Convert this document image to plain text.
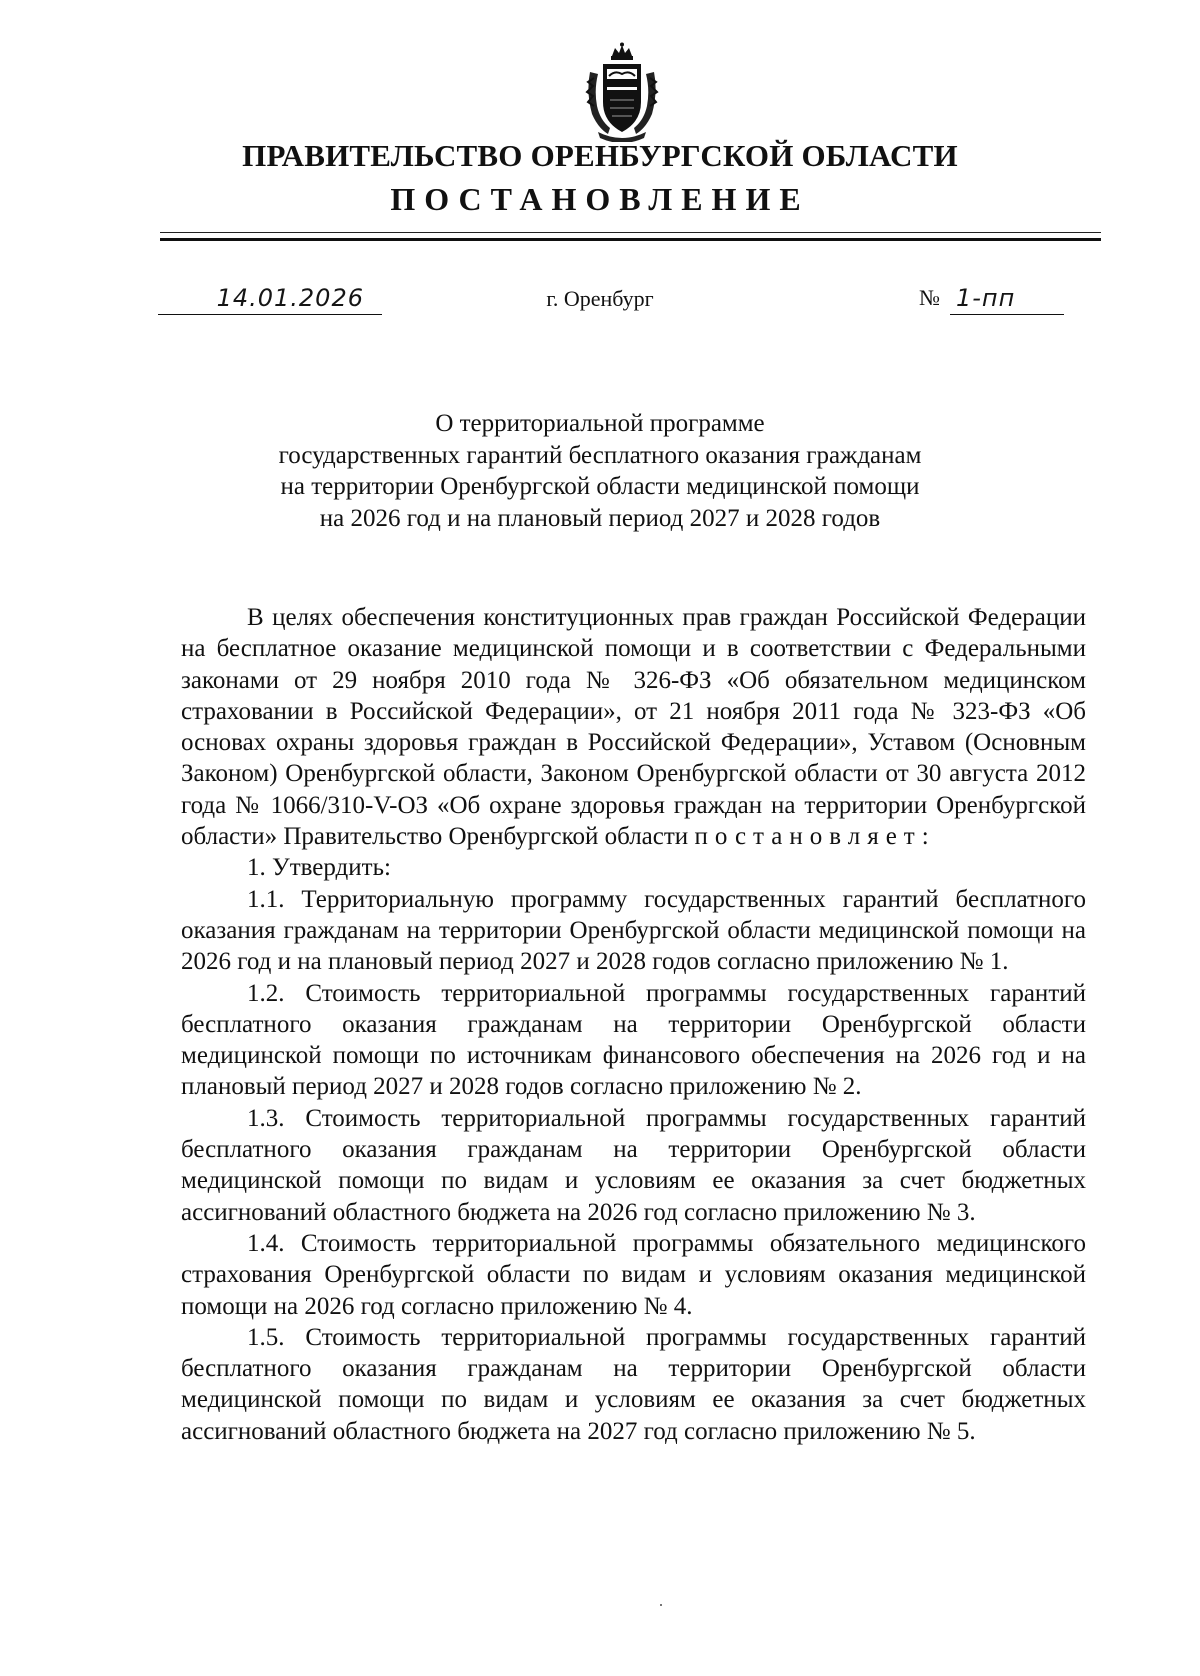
ПРАВИТЕЛЬСТВО ОРЕНБУРГСКОЙ ОБЛАСТИ
ПОСТАНОВЛЕНИЕ
14.01.2026	г. Оренбург	№ 1-пп
О территориальной программе
государственных гарантий бесплатного оказания гражданам
на территории Оренбургской области медицинской помощи
на 2026 год и на плановый период 2027 и 2028 годов

В целях обеспечения конституционных прав граждан Российской Федерации на бесплатное оказание медицинской помощи и в соответствии с Федеральными законами от 29 ноября 2010 года № 326-ФЗ «Об обязательном медицинском страховании в Российской Федерации», от 21 ноября 2011 года № 323-ФЗ «Об основах охраны здоровья граждан в Российской Федерации», Уставом (Основным Законом) Оренбургской области, Законом Оренбургской области от 30 августа 2012 года № 1066/310-V-ОЗ «Об охране здоровья граждан на территории Оренбургской области» Правительство Оренбургской области постановляет:

1. Утвердить:

1.1. Территориальную программу государственных гарантий бесплатного оказания гражданам на территории Оренбургской области медицинской помощи на 2026 год и на плановый период 2027 и 2028 годов согласно приложению № 1.

1.2. Стоимость территориальной программы государственных гарантий бесплатного оказания гражданам на территории Оренбургской области медицинской помощи по источникам финансового обеспечения на 2026 год и на плановый период 2027 и 2028 годов согласно приложению № 2.

1.3. Стоимость территориальной программы государственных гарантий бесплатного оказания гражданам на территории Оренбургской области медицинской помощи по видам и условиям ее оказания за счет бюджетных ассигнований областного бюджета на 2026 год согласно приложению № 3.

1.4. Стоимость территориальной программы обязательного медицинского страхования Оренбургской области по видам и условиям оказания медицинской помощи на 2026 год согласно приложению № 4.

1.5. Стоимость территориальной программы государственных гарантий бесплатного оказания гражданам на территории Оренбургской области медицинской помощи по видам и условиям ее оказания за счет бюджетных ассигнований областного бюджета на 2027 год согласно приложению № 5.
